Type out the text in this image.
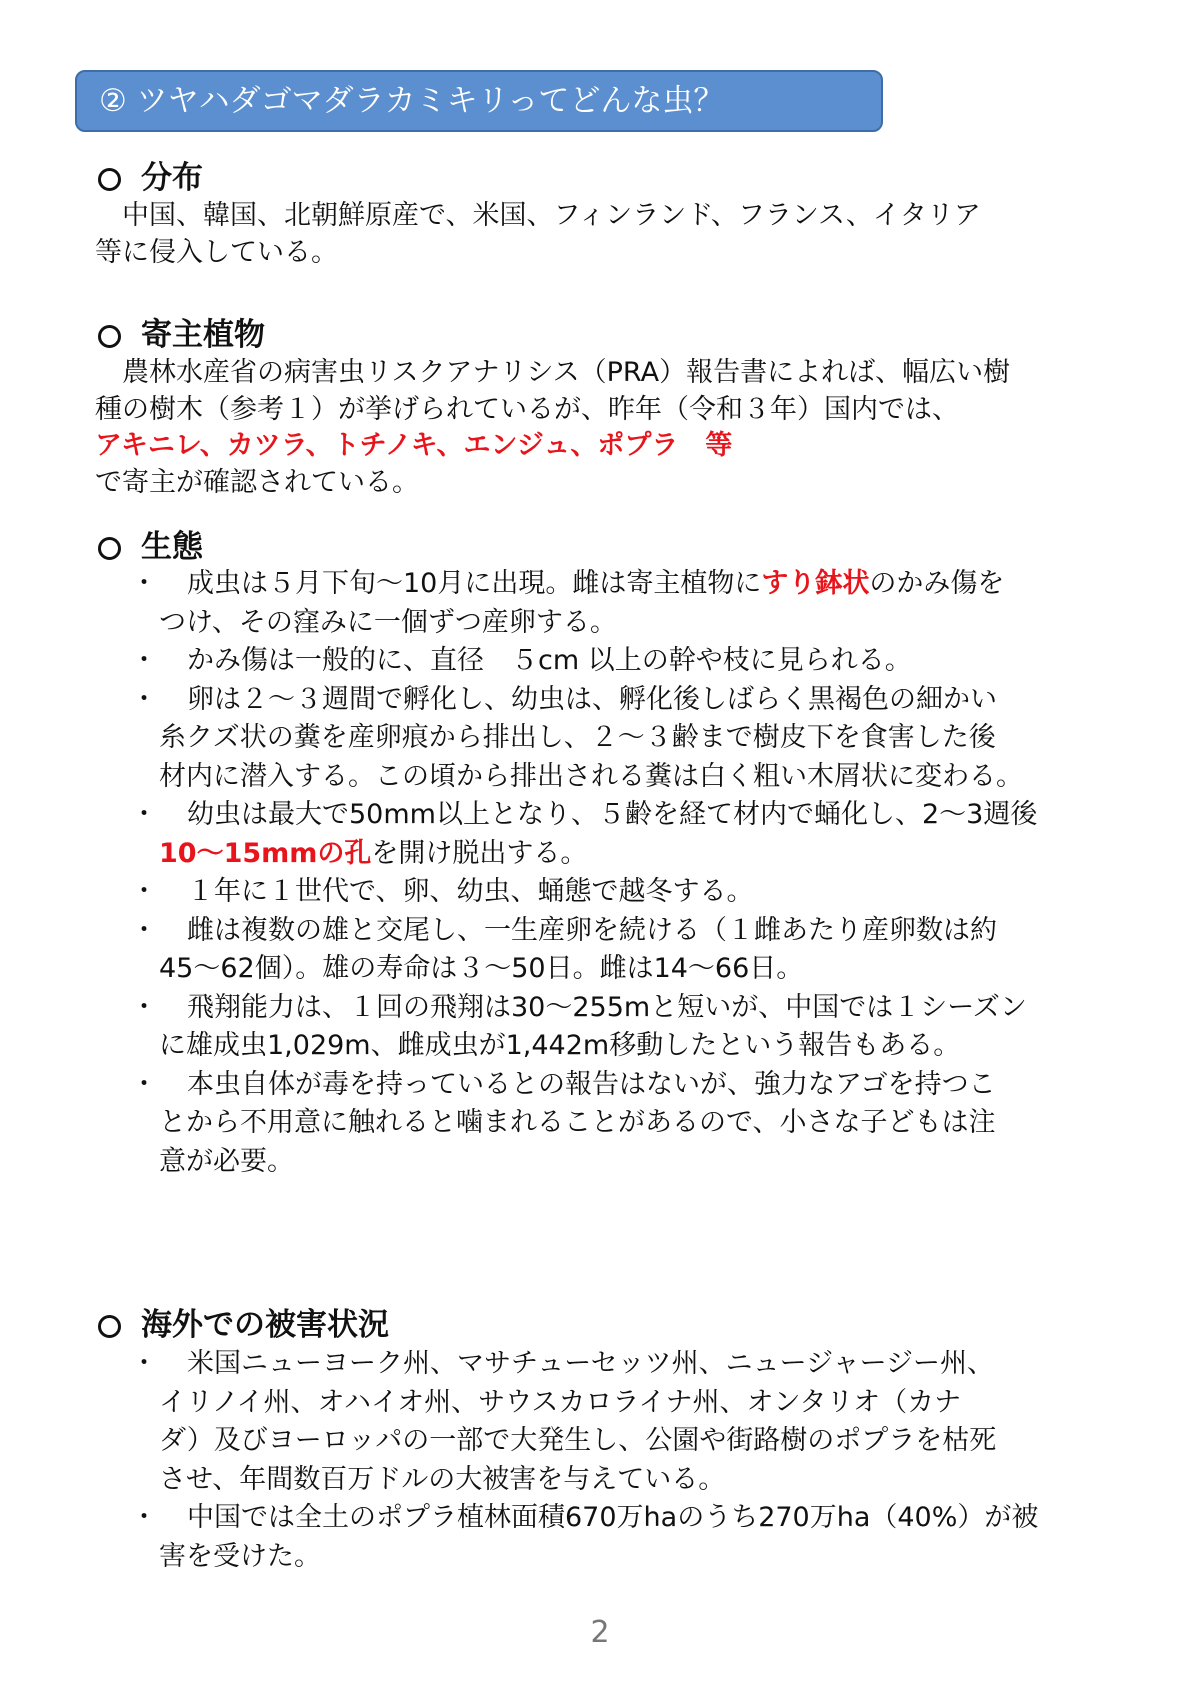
② ツヤハダゴマダラカミキリってどんな虫？
分布
　中国、韓国、北朝鮮原産で、米国、フィンランド、フランス、イタリア
等に侵入している。
寄主植物
　農林水産省の病害虫リスクアナリシス（PRA）報告書によれば、幅広い樹
種の樹木（参考１）が挙げられているが、昨年（令和３年）国内では、
アキニレ、カツラ、トチノキ、エンジュ、ポプラ　等
で寄主が確認されている。
生態
・	成虫は５月下旬～10月に出現。雌は寄主植物にすり鉢状のかみ傷を
つけ、その窪みに一個ずつ産卵する。
・	かみ傷は一般的に、直径　５cm 以上の幹や枝に見られる。
・	卵は２～３週間で孵化し、幼虫は、孵化後しばらく黒褐色の細かい
糸クズ状の糞を産卵痕から排出し、２～３齢まで樹皮下を食害した後
材内に潜入する。この頃から排出される糞は白く粗い木屑状に変わる。
・	幼虫は最大で50mm以上となり、５齢を経て材内で蛹化し、2～3週後
10～15mmの孔を開け脱出する。
・	１年に１世代で、卵、幼虫、蛹態で越冬する。
・	雌は複数の雄と交尾し、一生産卵を続ける（１雌あたり産卵数は約
45～62個）。雄の寿命は３～50日。雌は14～66日。
・	飛翔能力は、１回の飛翔は30～255mと短いが、中国では１シーズン
に雄成虫1,029m、雌成虫が1,442m移動したという報告もある。
・	本虫自体が毒を持っているとの報告はないが、強力なアゴを持つこ
とから不用意に触れると噛まれることがあるので、小さな子どもは注
意が必要。
海外での被害状況
・	米国ニューヨーク州、マサチューセッツ州、ニュージャージー州、
イリノイ州、オハイオ州、サウスカロライナ州、オンタリオ（カナ
ダ）及びヨーロッパの一部で大発生し、公園や街路樹のポプラを枯死
させ、年間数百万ドルの大被害を与えている。
・	中国では全土のポプラ植林面積670万haのうち270万ha（40%）が被
害を受けた。
2
